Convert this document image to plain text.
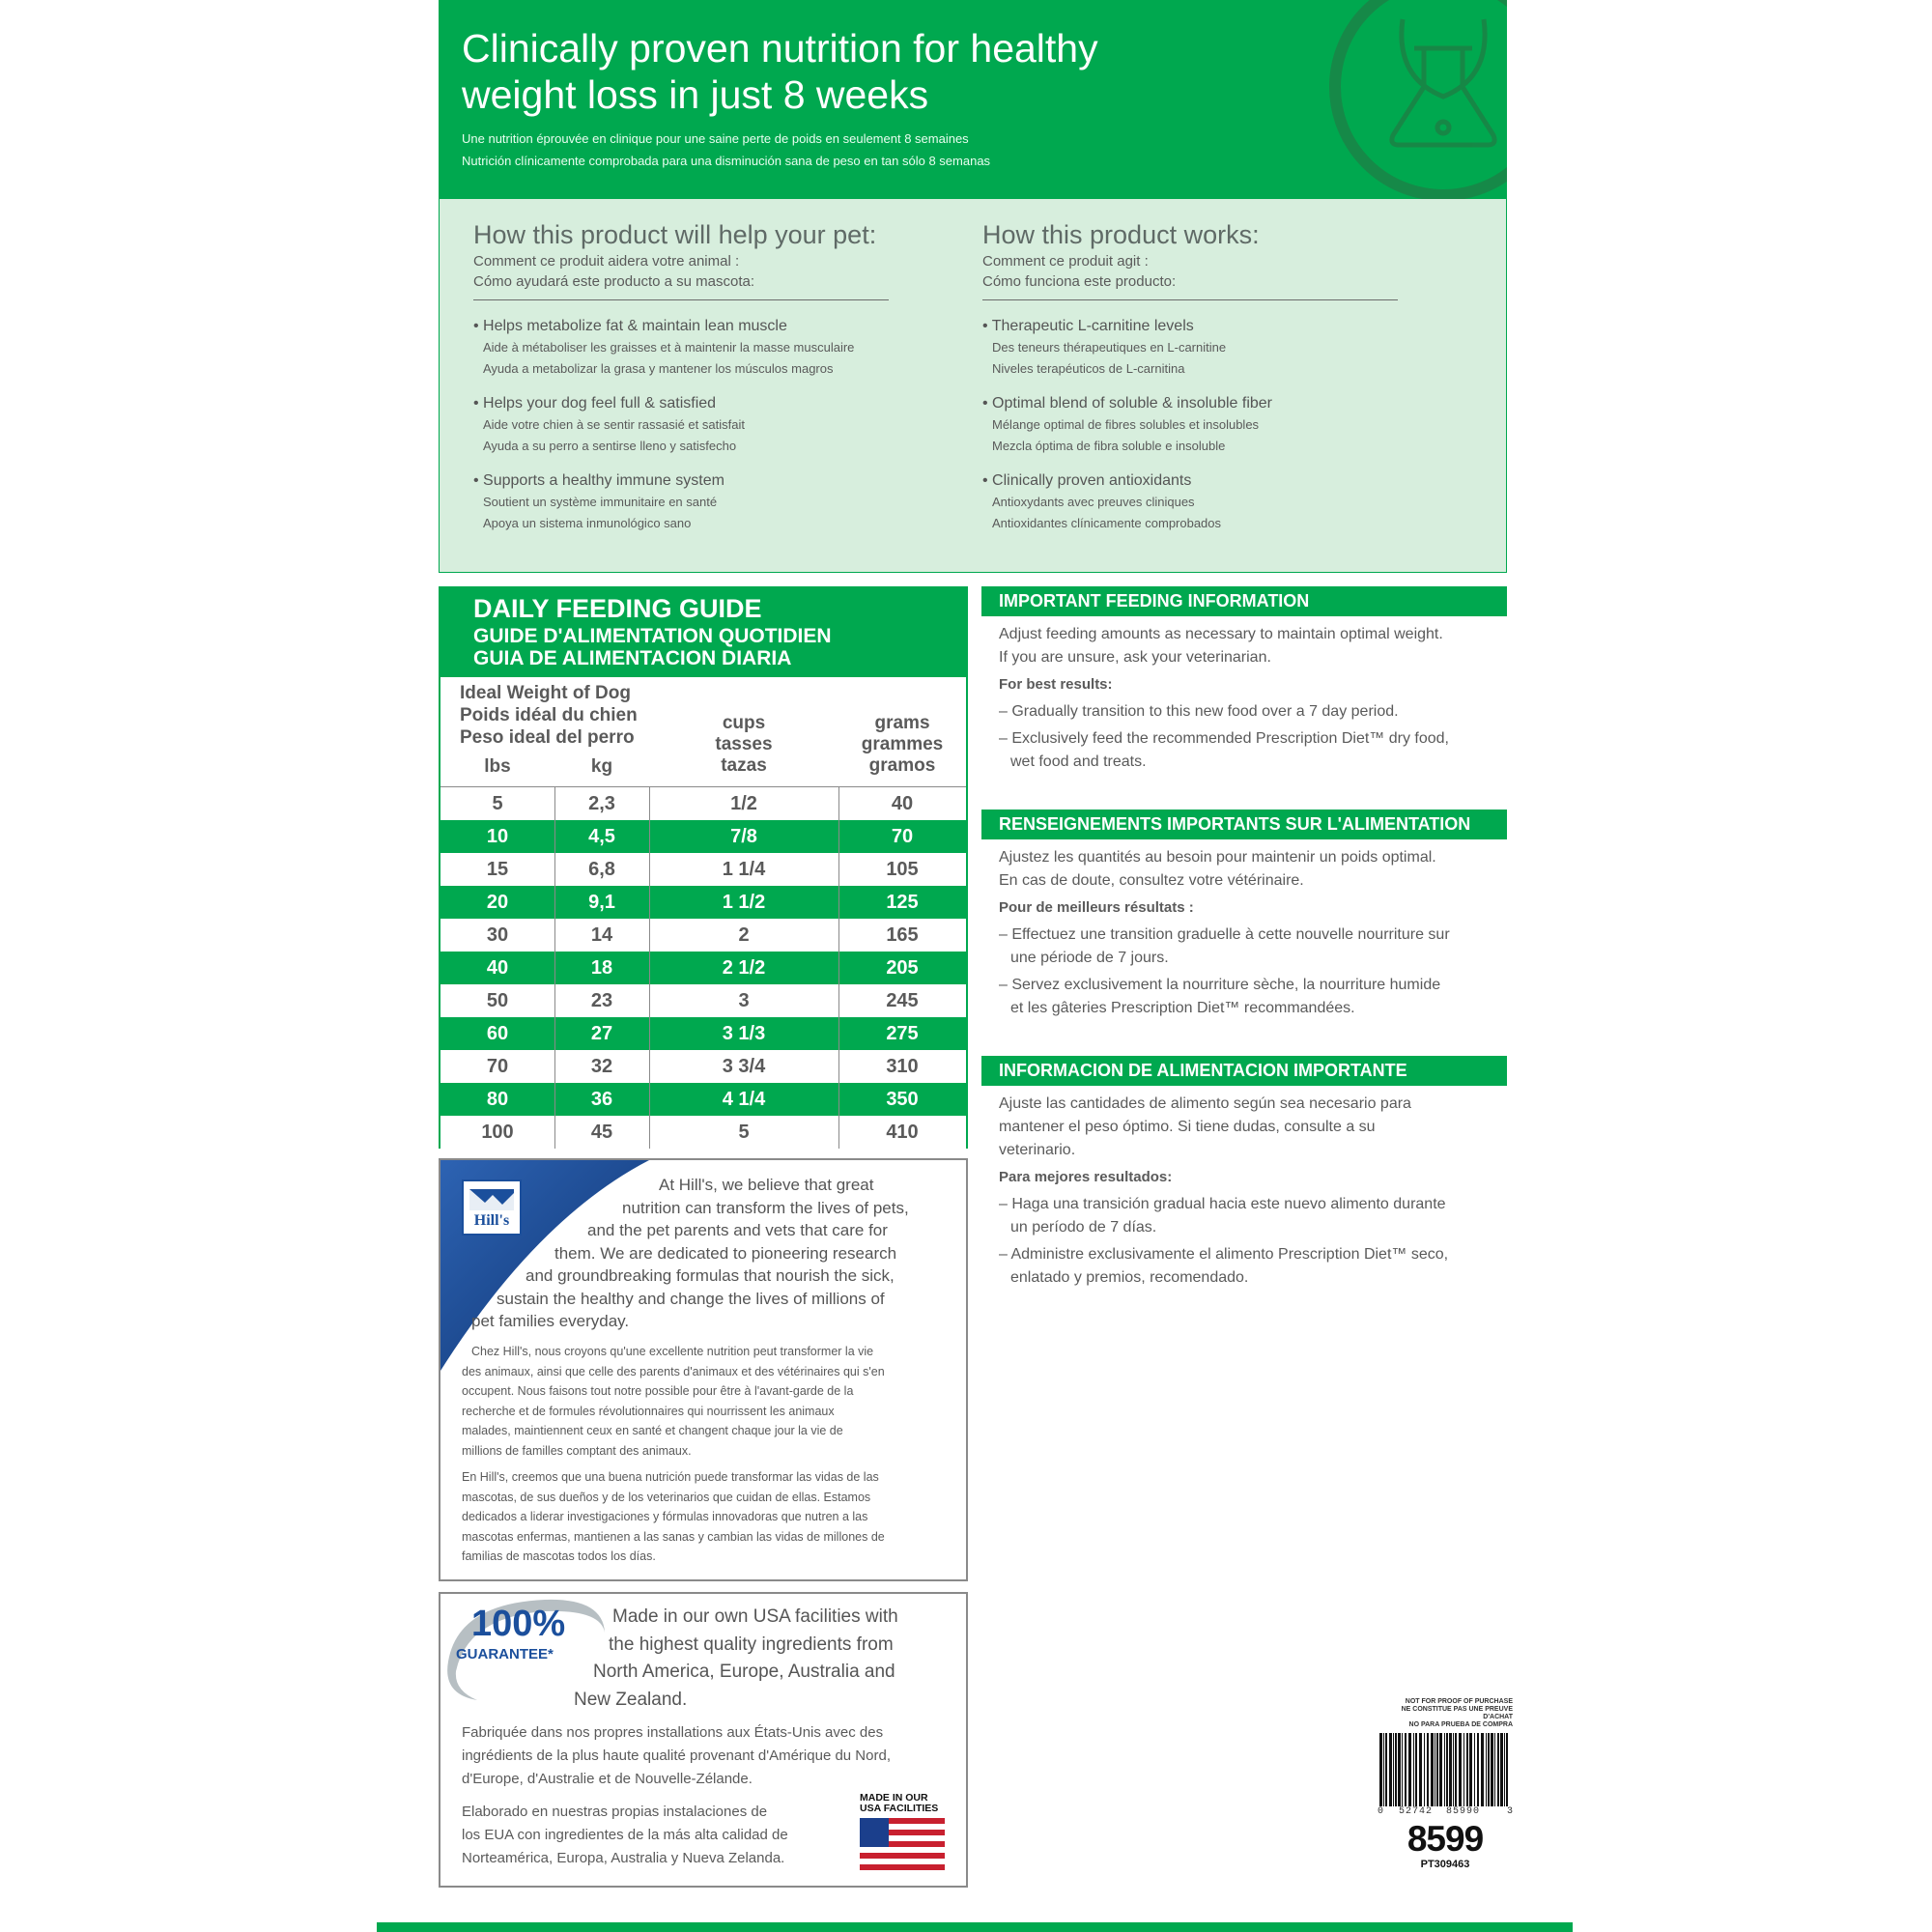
Clinically proven nutrition for healthy
weight loss in just 8 weeks
Une nutrition éprouvée en clinique pour une saine perte de poids en seulement 8 semaines
Nutrición clínicamente comprobada para una disminución sana de peso en tan sólo 8 semanas
How this product will help your pet:
Comment ce produit aidera votre animal :
Cómo ayudará este producto a su mascota:
• Helps metabolize fat & maintain lean muscle
Aide à métaboliser les graisses et à maintenir la masse musculaire
Ayuda a metabolizar la grasa y mantener los músculos magros
• Helps your dog feel full & satisfied
Aide votre chien à se sentir rassasié et satisfait
Ayuda a su perro a sentirse lleno y satisfecho
• Supports a healthy immune system
Soutient un système immunitaire en santé
Apoya un sistema inmunológico sano
How this product works:
Comment ce produit agit :
Cómo funciona este producto:
• Therapeutic L-carnitine levels
Des teneurs thérapeutiques en L-carnitine
Niveles terapéuticos de L-carnitina
• Optimal blend of soluble & insoluble fiber
Mélange optimal de fibres solubles et insolubles
Mezcla óptima de fibra soluble e insoluble
• Clinically proven antioxidants
Antioxydants avec preuves cliniques
Antioxidantes clínicamente comprobados
DAILY FEEDING GUIDE
GUIDE D'ALIMENTATION QUOTIDIEN
GUIA DE ALIMENTACION DIARIA
Ideal Weight of Dog
Poids idéal du chien
Peso ideal del perro
lbs	kg
cups
tasses
tazas
grams
grammes
gramos
5	2,3	1/2	40
10	4,5	7/8	70
15	6,8	1 1/4	105
20	9,1	1 1/2	125
30	14	2	165
40	18	2 1/2	205
50	23	3	245
60	27	3 1/3	275
70	32	3 3/4	310
80	36	4 1/4	350
100	45	5	410
IMPORTANT FEEDING INFORMATION

Adjust feeding amounts as necessary to maintain optimal weight.

If you are unsure, ask your veterinarian.

For best results:

– Gradually transition to this new food over a 7 day period.

– Exclusively feed the recommended Prescription Diet™ dry food,

wet food and treats.

RENSEIGNEMENTS IMPORTANTS SUR L'ALIMENTATION

Ajustez les quantités au besoin pour maintenir un poids optimal.

En cas de doute, consultez votre vétérinaire.

Pour de meilleurs résultats :

– Effectuez une transition graduelle à cette nouvelle nourriture sur

une période de 7 jours.

– Servez exclusivement la nourriture sèche, la nourriture humide

et les gâteries Prescription Diet™ recommandées.

INFORMACION DE ALIMENTACION IMPORTANTE

Ajuste las cantidades de alimento según sea necesario para

mantener el peso óptimo. Si tiene dudas, consulte a su

veterinario.

Para mejores resultados:

– Haga una transición gradual hacia este nuevo alimento durante

un período de 7 días.

– Administre exclusivamente el alimento Prescription Diet™ seco,

enlatado y premios, recomendado.

Hill's
At Hill's, we believe that great
nutrition can transform the lives of pets,
and the pet parents and vets that care for
them. We are dedicated to pioneering research
and groundbreaking formulas that nourish the sick,
sustain the healthy and change the lives of millions of
pet families everyday.
Chez Hill's, nous croyons qu'une excellente nutrition peut transformer la vie
des animaux, ainsi que celle des parents d'animaux et des vétérinaires qui s'en
occupent. Nous faisons tout notre possible pour être à l'avant-garde de la
recherche et de formules révolutionnaires qui nourrissent les animaux
malades, maintiennent ceux en santé et changent chaque jour la vie de
millions de familles comptant des animaux.
En Hill's, creemos que una buena nutrición puede transformar las vidas de las
mascotas, de sus dueños y de los veterinarios que cuidan de ellas. Estamos
dedicados a liderar investigaciones y fórmulas innovadoras que nutren a las
mascotas enfermas, mantienen a las sanas y cambian las vidas de millones de
familias de mascotas todos los días.
100%
GUARANTEE*
Made in our own USA facilities with
the highest quality ingredients from
North America, Europe, Australia and
New Zealand.
Fabriquée dans nos propres installations aux États-Unis avec des
ingrédients de la plus haute qualité provenant d'Amérique du Nord,
d'Europe, d'Australie et de Nouvelle-Zélande.
Elaborado en nuestras propias instalaciones de
los EUA con ingredientes de la más alta calidad de
Norteamérica, Europa, Australia y Nueva Zelanda.
MADE IN OUR
USA FACILITIES
NOT FOR PROOF OF PURCHASE
NE CONSTITUE PAS UNE PREUVE D'ACHAT
NO PARA PRUEBA DE COMPRA
0 52742  85990	3
8599
PT309463
